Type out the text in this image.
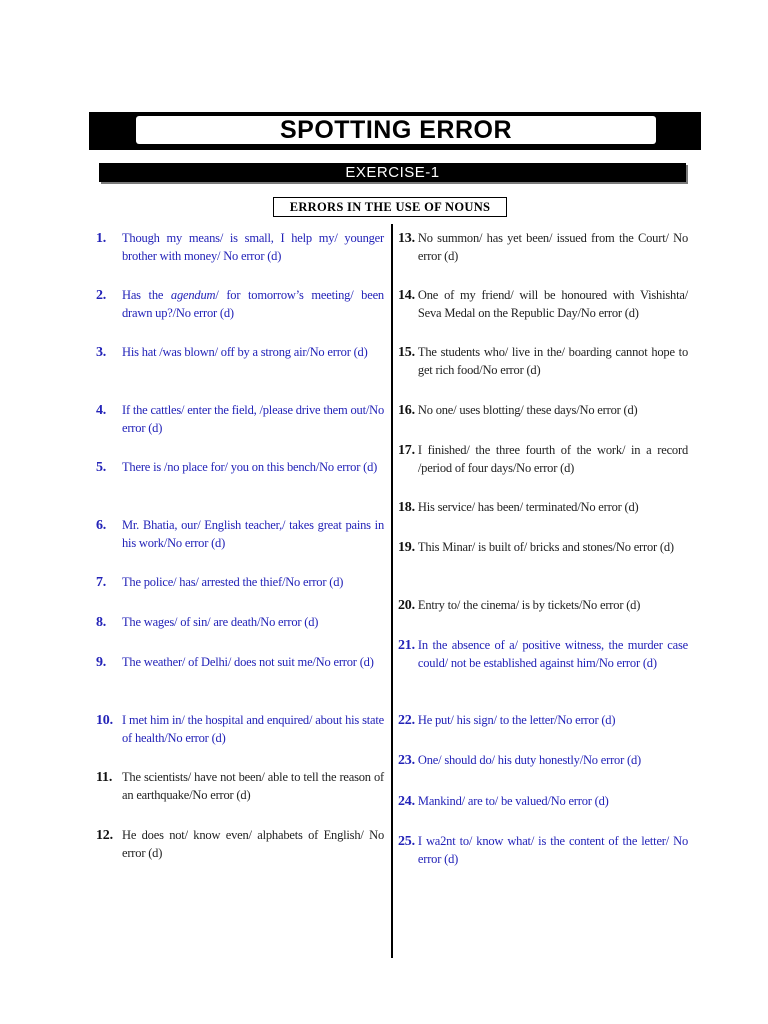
SPOTTING ERROR
EXERCISE-1
ERRORS IN THE USE OF NOUNS
1.	Though my means/ is small, I help my/ younger brother with money/ No error (d)
2.	Has the agendum/ for tomorrow’s meeting/ been drawn up?/No error (d)
3.	His hat /was blown/ off by a strong air/No error (d)
4.	If the cattles/ enter the field, /please drive them out/No error (d)
5.	There is /no place for/ you on this bench/No error (d)
6.	Mr. Bhatia, our/ English teacher,/ takes great pains in his work/No error (d)
7.	The police/ has/ arrested the thief/No error (d)
8.	The wages/ of sin/ are death/No error (d)
9.	The weather/ of Delhi/ does not suit me/No error (d)
10. I met him in/ the hospital and enquired/ about his state of health/No error (d)
11. The scientists/ have not been/ able to tell the reason of an earthquake/No error (d)
12. He does not/ know even/ alphabets of English/ No error (d)
13. No summon/ has yet been/ issued from the Court/ No error (d)
14. One of my friend/ will be honoured with Vishishta/ Seva Medal on the Republic Day/No error (d)
15. The students who/ live in the/ boarding cannot hope to get rich food/No error (d)
16. No one/ uses blotting/ these days/No error (d)
17. I finished/ the three fourth of the work/ in a record /period of four days/No error (d)
18. His service/ has been/ terminated/No error (d)
19. This Minar/ is built of/ bricks and stones/No error (d)
20. Entry to/ the cinema/ is by tickets/No error (d)
21. In the absence of a/ positive witness, the murder case could/ not be established against him/No error (d)
22. He put/ his sign/ to the letter/No error (d)
23. One/ should do/ his duty honestly/No error (d)
24. Mankind/ are to/ be valued/No error (d)
25. I wa2nt to/ know what/ is the content of the letter/ No error (d)
